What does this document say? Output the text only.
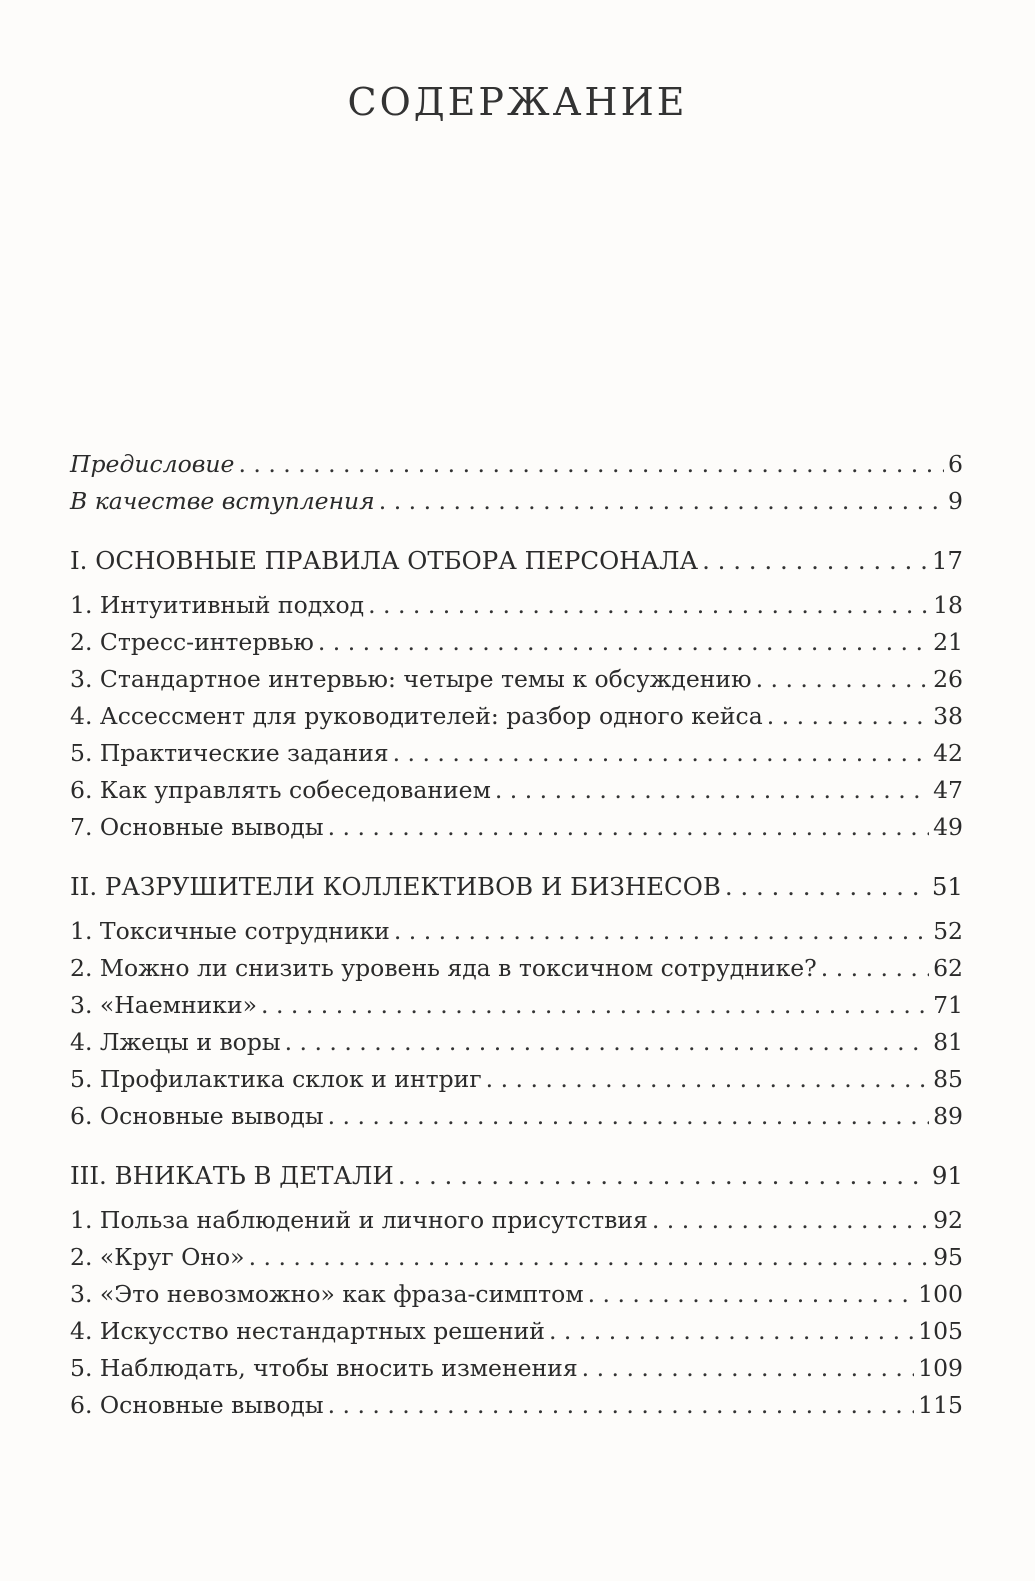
СОДЕРЖАНИЕ
Предисловие . . .	6
В качестве вступления . . .	9
I. ОСНОВНЫЕ ПРАВИЛА ОТБОРА ПЕРСОНАЛА . . .	17
1. Интуитивный подход . . .	18
2. Стресс-интервью . . .	21
3. Стандартное интервью: четыре темы к обсуждению . . .	26
4. Ассессмент для руководителей: разбор одного кейса . . .	38
5. Практические задания . . .	42
6. Как управлять собеседованием . . .	47
7. Основные выводы . . .	49
II. РАЗРУШИТЕЛИ КОЛЛЕКТИВОВ И БИЗНЕСОВ . . .	51
1. Токсичные сотрудники . . .	52
2. Можно ли снизить уровень яда в токсичном сотруднике? . . .	62
3. «Наемники» . . .	71
4. Лжецы и воры . . .	81
5. Профилактика склок и интриг . . .	85
6. Основные выводы . . .	89
III. ВНИКАТЬ В ДЕТАЛИ . . .	91
1. Польза наблюдений и личного присутствия . . .	92
2. «Круг Оно» . . .	95
3. «Это невозможно» как фраза-симптом . . .	100
4. Искусство нестандартных решений . . .	105
5. Наблюдать, чтобы вносить изменения . . .	109
6. Основные выводы . . .	115
